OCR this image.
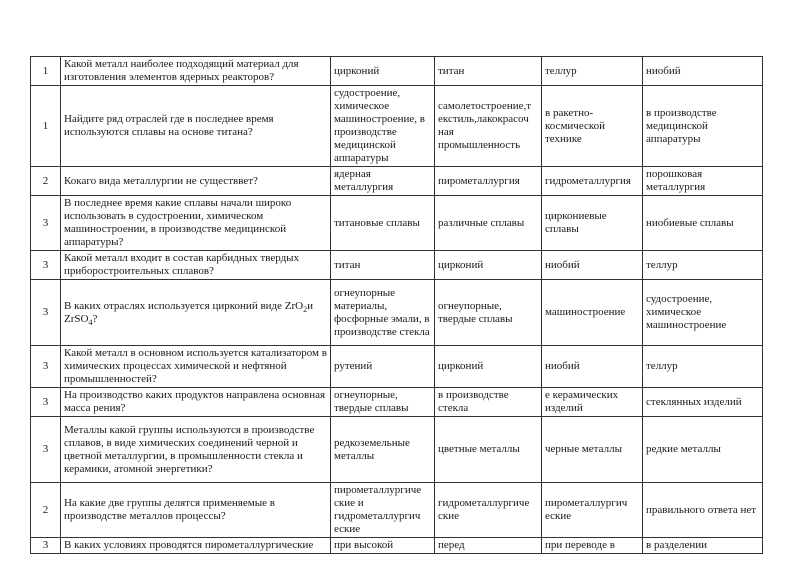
1	Какой металл наиболее подходящий материал для изготовления элементов ядерных реакторов?	цирконий	титан	теллур	ниобий
1	Найдите ряд отраслей где в последнее время используются сплавы на основе титана?	судостроение, химическое машиностроение, в производстве медицинской аппаратуры	самолетостроение,т екстиль,лакокрасоч ная промышленность	в ракетно-космической технике	в производстве медицинской аппаратуры
2	Кокаго вида металлургии не существвет?	ядерная металлургия	пирометаллургия	гидрометаллургия	порошковая металлургия
3	В последнее время какие сплавы начали широко использовать в судостроении, химическом машиностроении, в производстве медицинской аппаратуры?	титановые сплавы	различные сплавы	циркониевые сплавы	ниобиевые сплавы
3	Какой металл входит в состав карбидных твердых приборостроительных сплавов?	титан	цирконий	ниобий	теллур
3	В каких отраслях используется цирконий виде ZrO$_2$и ZrSO$_4$?	огнеупорные материалы, фосфорные эмали, в производстве стекла	огнеупорные, твердые сплавы	машиностроение	судостроение, химическое машиностроение
3	Какой металл в основном используется катализатором в химических процессах химической и нефтяной промышленностей?	рутений	цирконий	ниобий	теллур
3	На производство каких продуктов направлена основная масса рения?	огнеупорные, твердые сплавы	в производстве стекла	е керамических изделий	стеклянных изделий
3	Металлы какой группы используются в производстве сплавов, в виде химических соединений черной и цветной металлургии, в промышленности стекла и керамики, атомной энергетики?	редкоземельные металлы	цветные металлы	черные металлы	редкие металлы
2	На какие две группы делятся применяемые в производстве металлов процессы?	пирометаллургиче ские и гидрометаллургич еские	гидрометаллургиче ские	пирометаллургич еские	правильного ответа нет
3	В каких условиях проводятся пирометаллургические	при высокой	перед	при переводе в	в разделении
